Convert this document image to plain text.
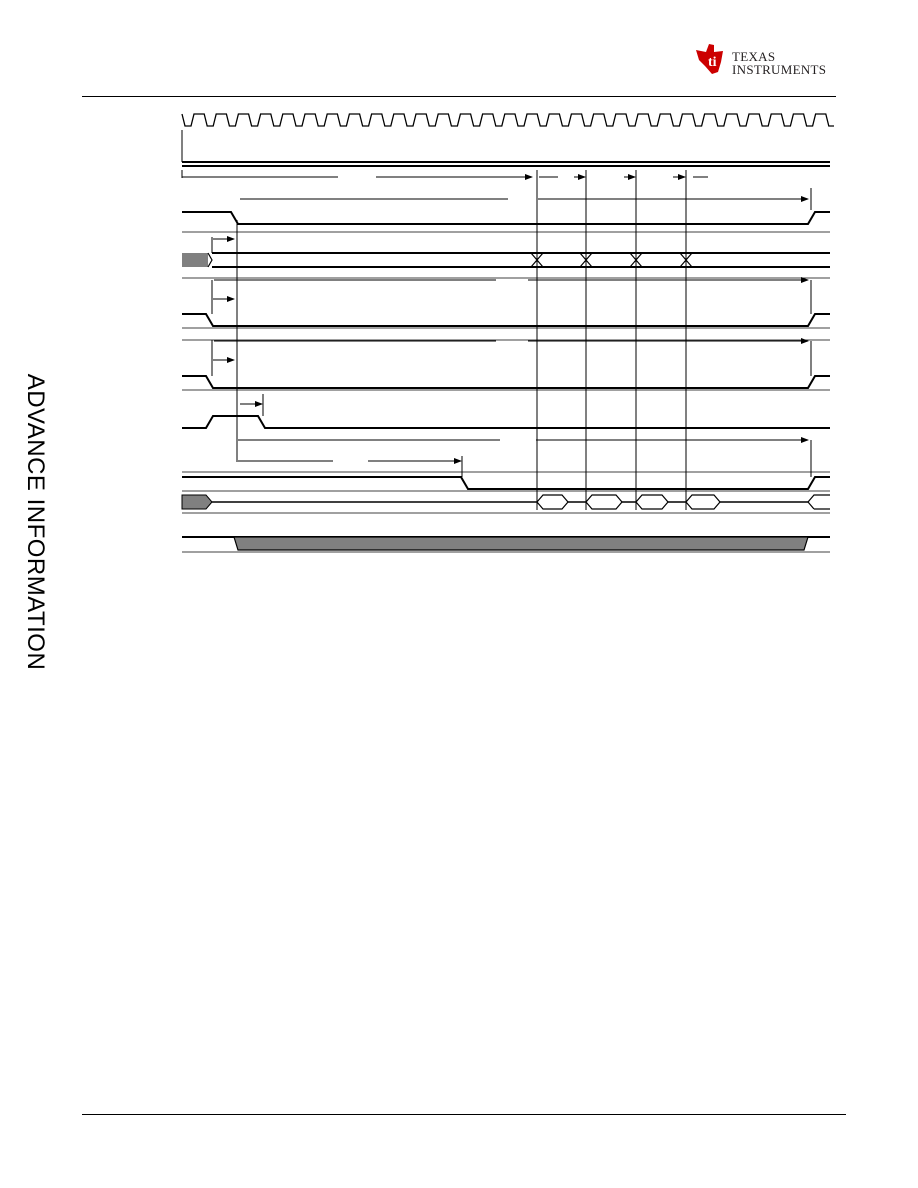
ti TEXAS
INSTRUMENTS
ADVANCE INFORMATION
